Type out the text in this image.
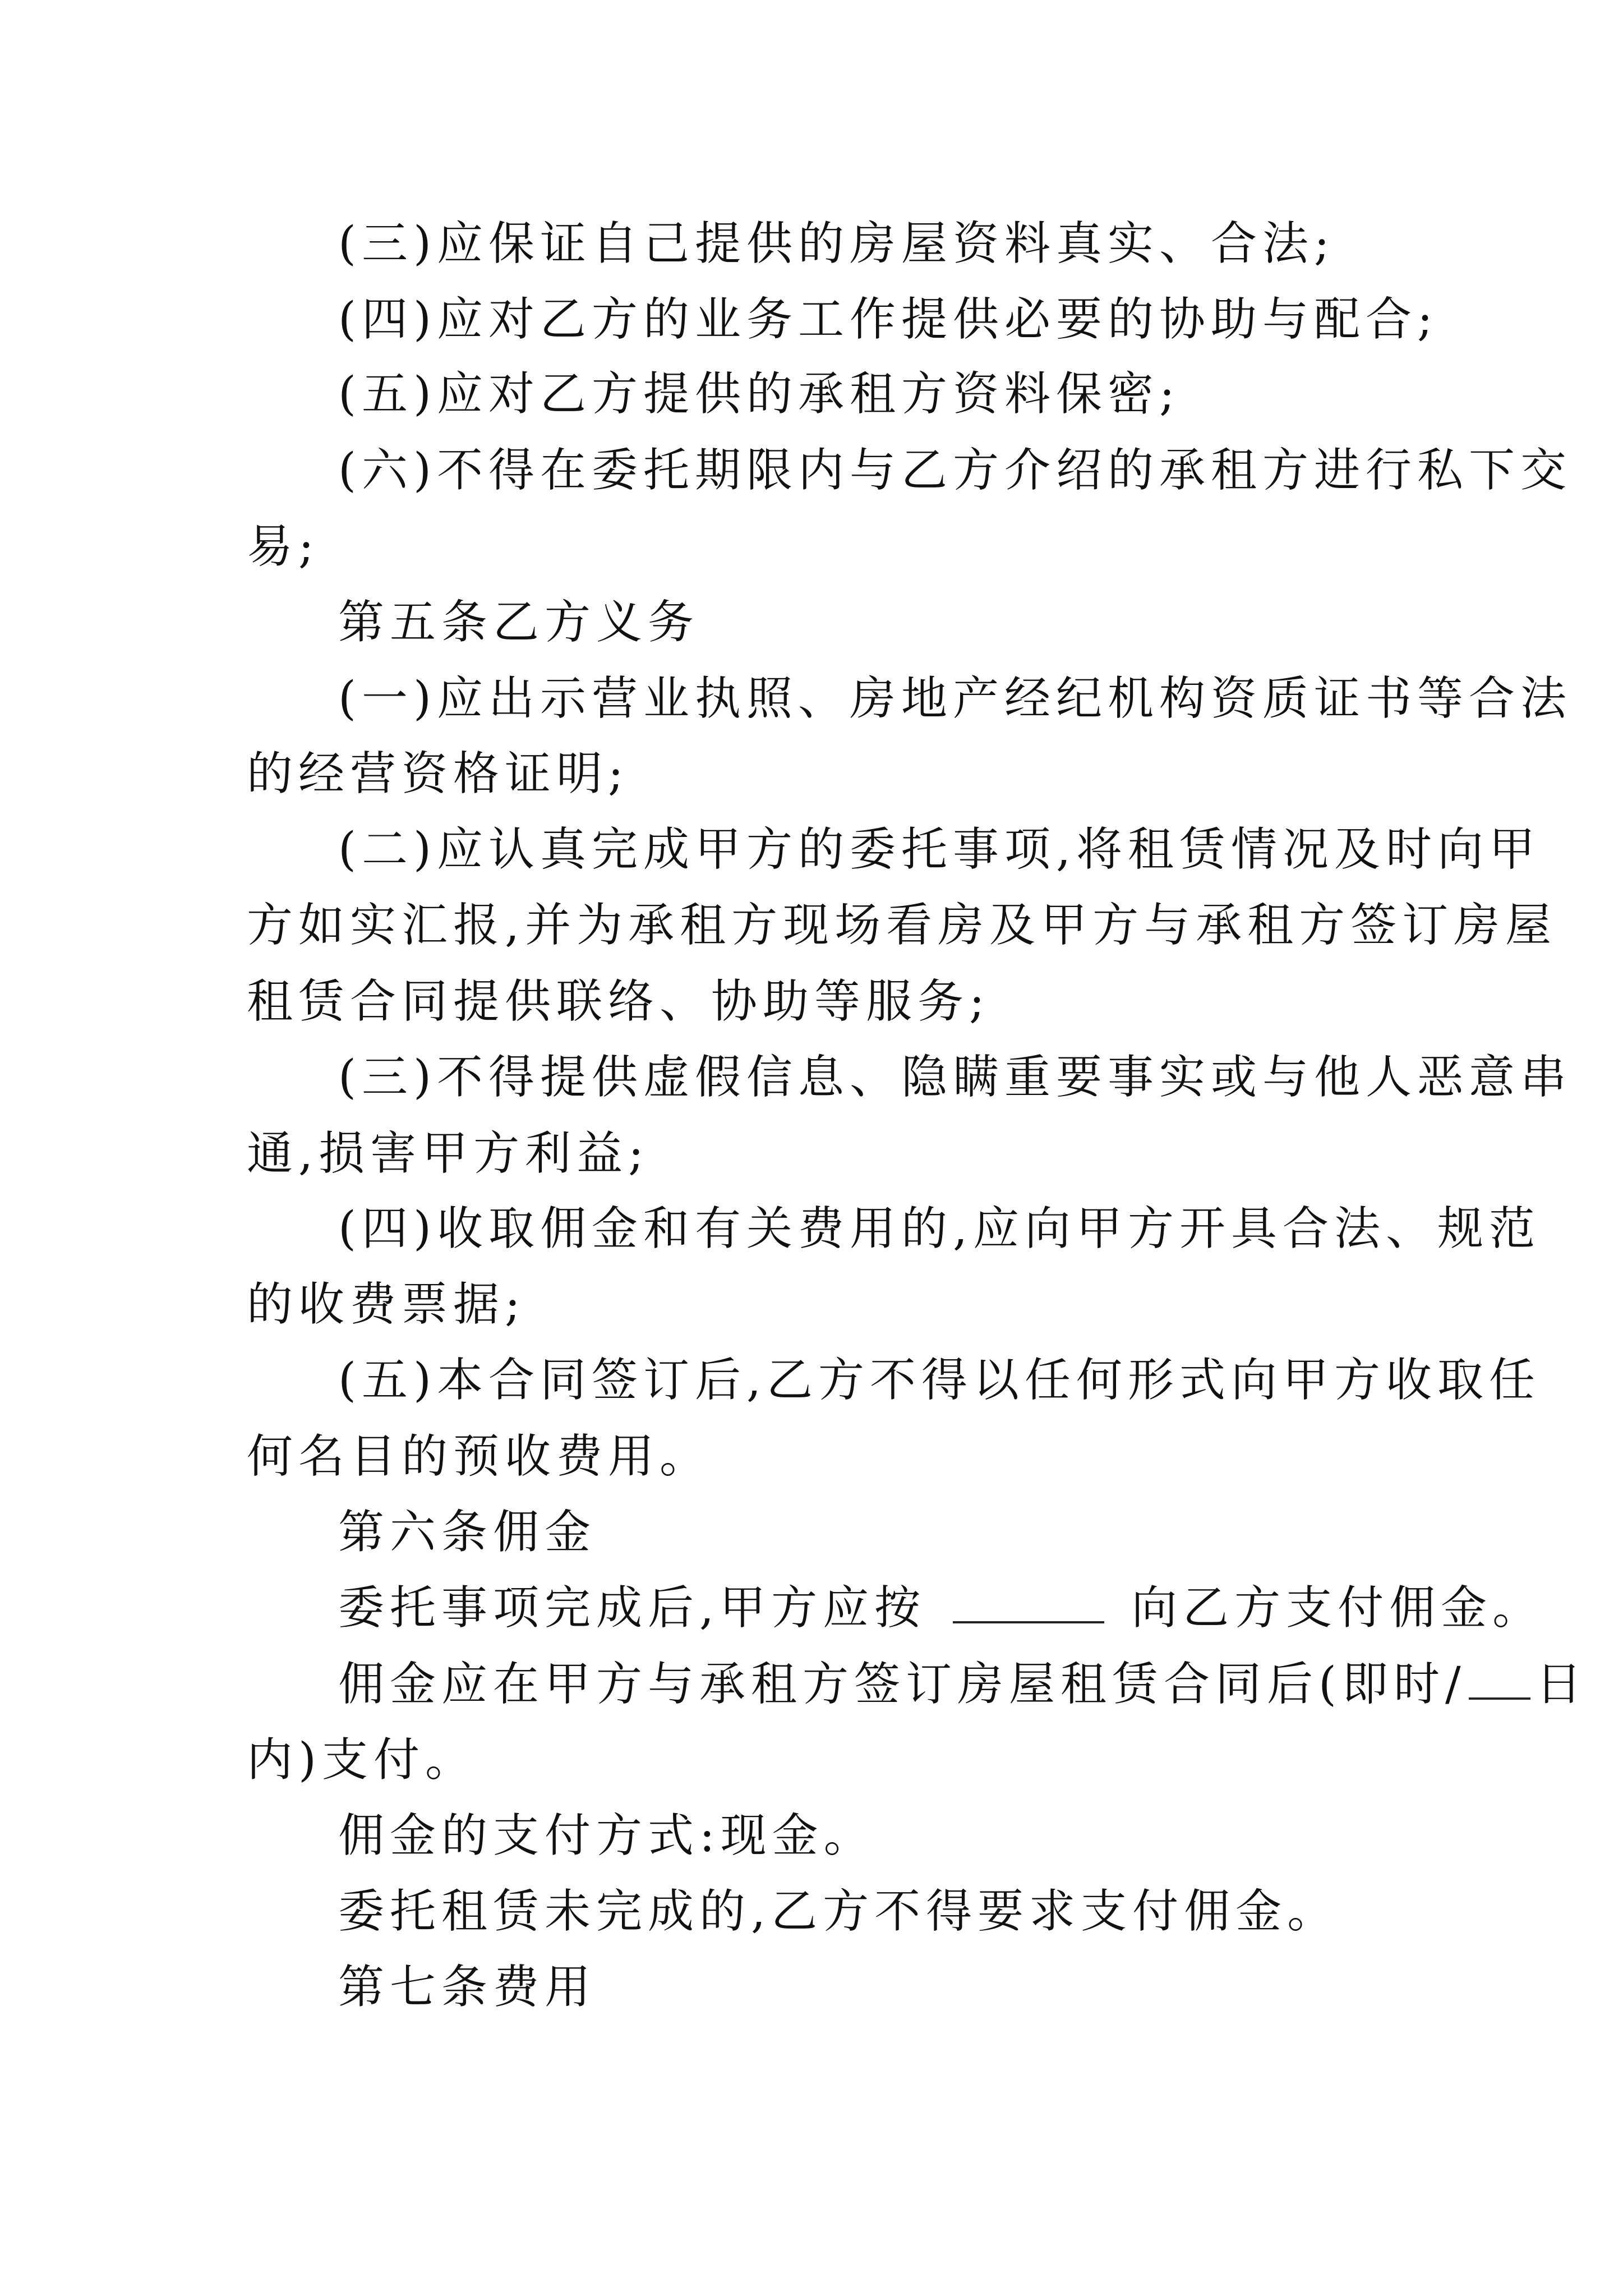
(三)应保证自己提供的房屋资料真实、合法;
(四)应对乙方的业务工作提供必要的协助与配合;
(五)应对乙方提供的承租方资料保密;
(六)不得在委托期限内与乙方介绍的承租方进行私下交
易;
第五条乙方义务
(一)应出示营业执照、房地产经纪机构资质证书等合法
的经营资格证明;
(二)应认真完成甲方的委托事项,将租赁情况及时向甲
方如实汇报,并为承租方现场看房及甲方与承租方签订房屋
租赁合同提供联络、协助等服务;
(三)不得提供虚假信息、隐瞒重要事实或与他人恶意串
通,损害甲方利益;
(四)收取佣金和有关费用的,应向甲方开具合法、规范
的收费票据;
(五)本合同签订后,乙方不得以任何形式向甲方收取任
何名目的预收费用。
第六条佣金
委托事项完成后,甲方应按	向乙方支付佣金。
佣金应在甲方与承租方签订房屋租赁合同后(即时/ 日
内)支付。
佣金的支付方式:现金。
委托租赁未完成的,乙方不得要求支付佣金。
第七条费用
